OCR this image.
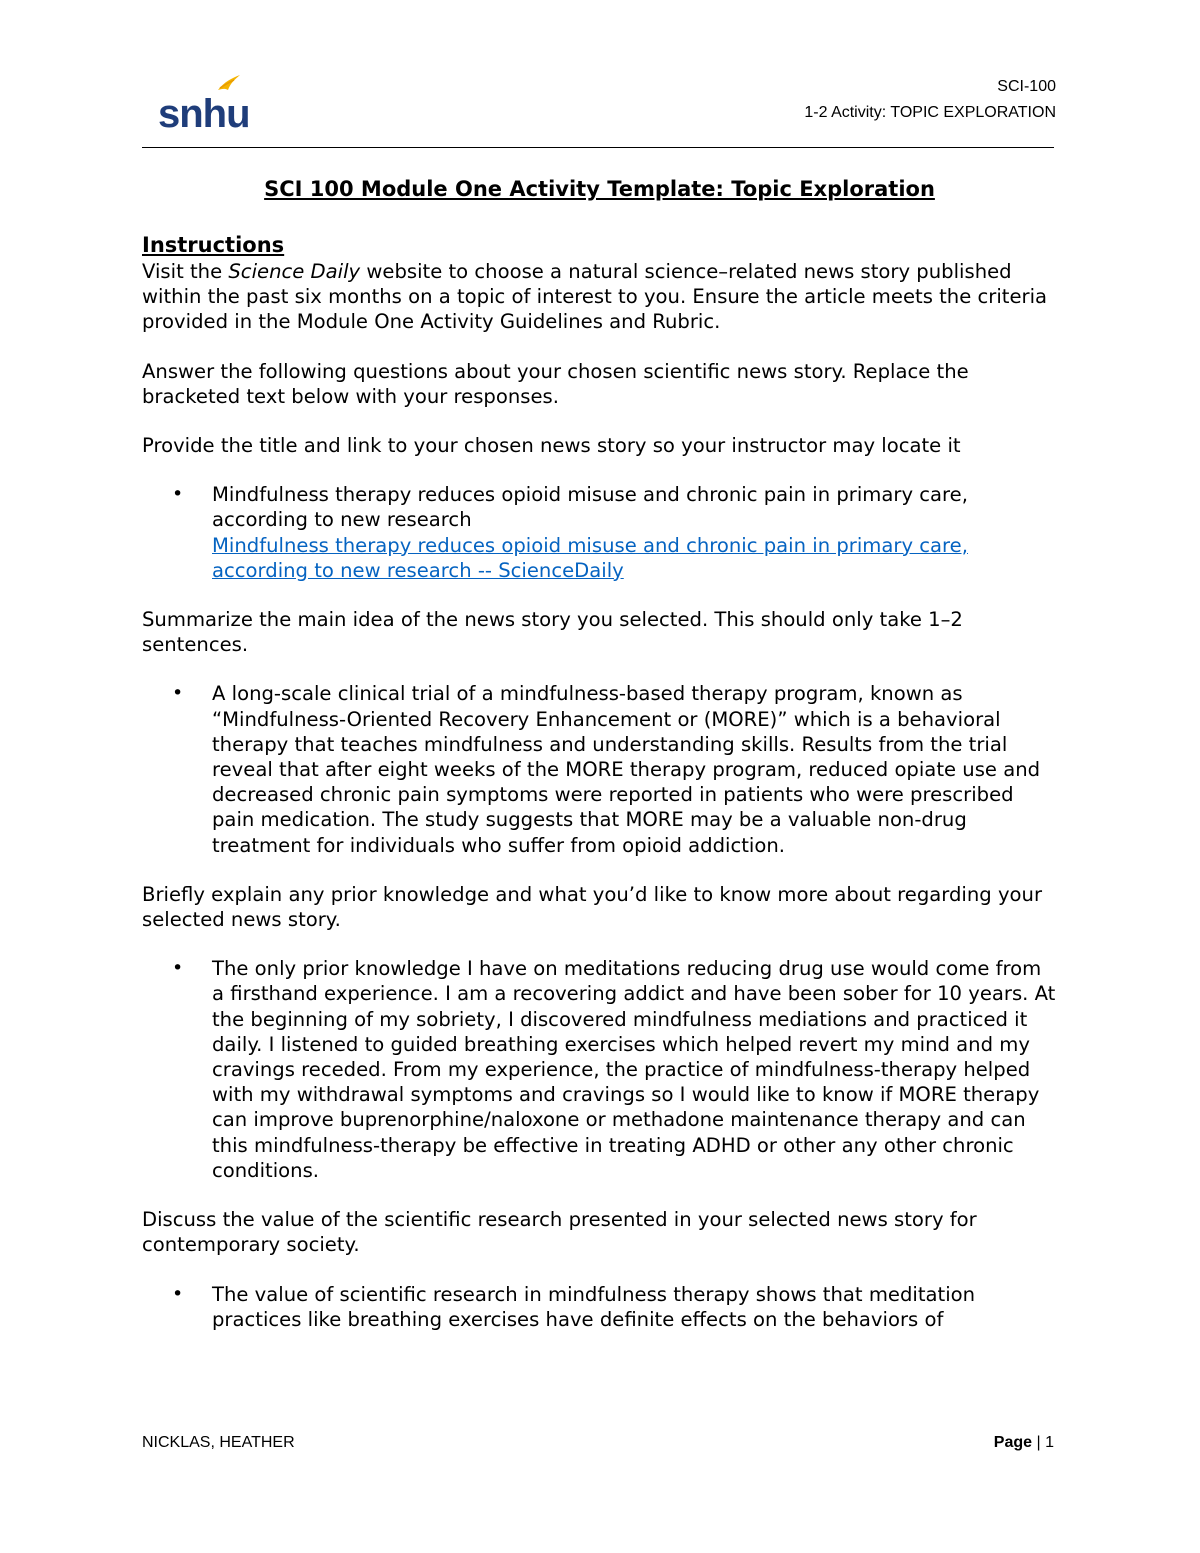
snhu
SCI-100
1-2 Activity: TOPIC EXPLORATION
SCI 100 Module One Activity Template: Topic Exploration
Instructions

Visit the Science Daily website to choose a natural science–related news story published within the past six months on a topic of interest to you. Ensure the article meets the criteria provided in the Module One Activity Guidelines and Rubric.

Answer the following questions about your chosen scientific news story. Replace the bracketed text below with your responses.

Provide the title and link to your chosen news story so your instructor may locate it

• Mindfulness therapy reduces opioid misuse and chronic pain in primary care, according to new research
Mindfulness therapy reduces opioid misuse and chronic pain in primary care, according to new research -- ScienceDaily

Summarize the main idea of the news story you selected. This should only take 1–2 sentences.

• A long-scale clinical trial of a mindfulness-based therapy program, known as “Mindfulness-Oriented Recovery Enhancement or (MORE)” which is a behavioral therapy that teaches mindfulness and understanding skills. Results from the trial reveal that after eight weeks of the MORE therapy program, reduced opiate use and decreased chronic pain symptoms were reported in patients who were prescribed pain medication. The study suggests that MORE may be a valuable non-drug treatment for individuals who suffer from opioid addiction.

Briefly explain any prior knowledge and what you’d like to know more about regarding your selected news story.

• The only prior knowledge I have on meditations reducing drug use would come from a firsthand experience. I am a recovering addict and have been sober for 10 years. At the beginning of my sobriety, I discovered mindfulness mediations and practiced it daily. I listened to guided breathing exercises which helped revert my mind and my cravings receded. From my experience, the practice of mindfulness-therapy helped with my withdrawal symptoms and cravings so I would like to know if MORE therapy can improve buprenorphine/naloxone or methadone maintenance therapy and can this mindfulness-therapy be effective in treating ADHD or other any other chronic conditions.

Discuss the value of the scientific research presented in your selected news story for contemporary society.

• The value of scientific research in mindfulness therapy shows that meditation practices like breathing exercises have definite effects on the behaviors of
NICKLAS, HEATHER	Page | 1
